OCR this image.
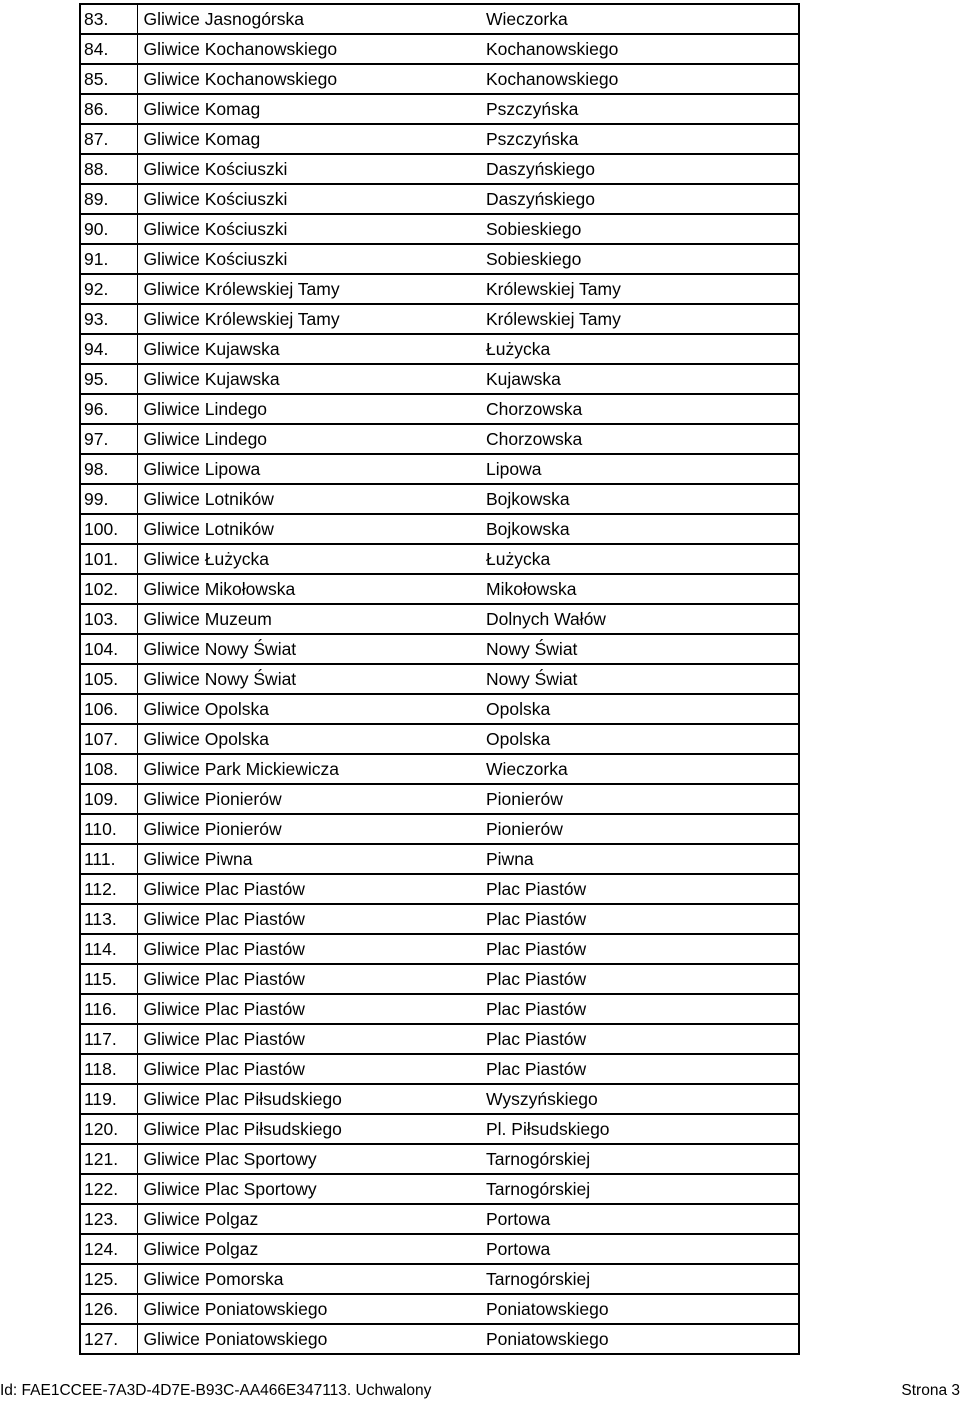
83.	Gliwice Jasnogórska	Wieczorka
84.	Gliwice Kochanowskiego	Kochanowskiego
85.	Gliwice Kochanowskiego	Kochanowskiego
86.	Gliwice Komag	Pszczyńska
87.	Gliwice Komag	Pszczyńska
88.	Gliwice Kościuszki	Daszyńskiego
89.	Gliwice Kościuszki	Daszyńskiego
90.	Gliwice Kościuszki	Sobieskiego
91.	Gliwice Kościuszki	Sobieskiego
92.	Gliwice Królewskiej Tamy	Królewskiej Tamy
93.	Gliwice Królewskiej Tamy	Królewskiej Tamy
94.	Gliwice Kujawska	Łużycka
95.	Gliwice Kujawska	Kujawska
96.	Gliwice Lindego	Chorzowska
97.	Gliwice Lindego	Chorzowska
98.	Gliwice Lipowa	Lipowa
99.	Gliwice Lotników	Bojkowska
100.	Gliwice Lotników	Bojkowska
101.	Gliwice Łużycka	Łużycka
102.	Gliwice Mikołowska	Mikołowska
103.	Gliwice Muzeum	Dolnych Wałów
104.	Gliwice Nowy Świat	Nowy Świat
105.	Gliwice Nowy Świat	Nowy Świat
106.	Gliwice Opolska	Opolska
107.	Gliwice Opolska	Opolska
108.	Gliwice Park Mickiewicza	Wieczorka
109.	Gliwice Pionierów	Pionierów
110.	Gliwice Pionierów	Pionierów
111.	Gliwice Piwna	Piwna
112.	Gliwice Plac Piastów	Plac Piastów
113.	Gliwice Plac Piastów	Plac Piastów
114.	Gliwice Plac Piastów	Plac Piastów
115.	Gliwice Plac Piastów	Plac Piastów
116.	Gliwice Plac Piastów	Plac Piastów
117.	Gliwice Plac Piastów	Plac Piastów
118.	Gliwice Plac Piastów	Plac Piastów
119.	Gliwice Plac Piłsudskiego	Wyszyńskiego
120.	Gliwice Plac Piłsudskiego	Pl. Piłsudskiego
121.	Gliwice Plac Sportowy	Tarnogórskiej
122.	Gliwice Plac Sportowy	Tarnogórskiej
123.	Gliwice Polgaz	Portowa
124.	Gliwice Polgaz	Portowa
125.	Gliwice Pomorska	Tarnogórskiej
126.	Gliwice Poniatowskiego	Poniatowskiego
127.	Gliwice Poniatowskiego	Poniatowskiego
Id: FAE1CCEE-7A3D-4D7E-B93C-AA466E347113. Uchwalony	Strona 3
